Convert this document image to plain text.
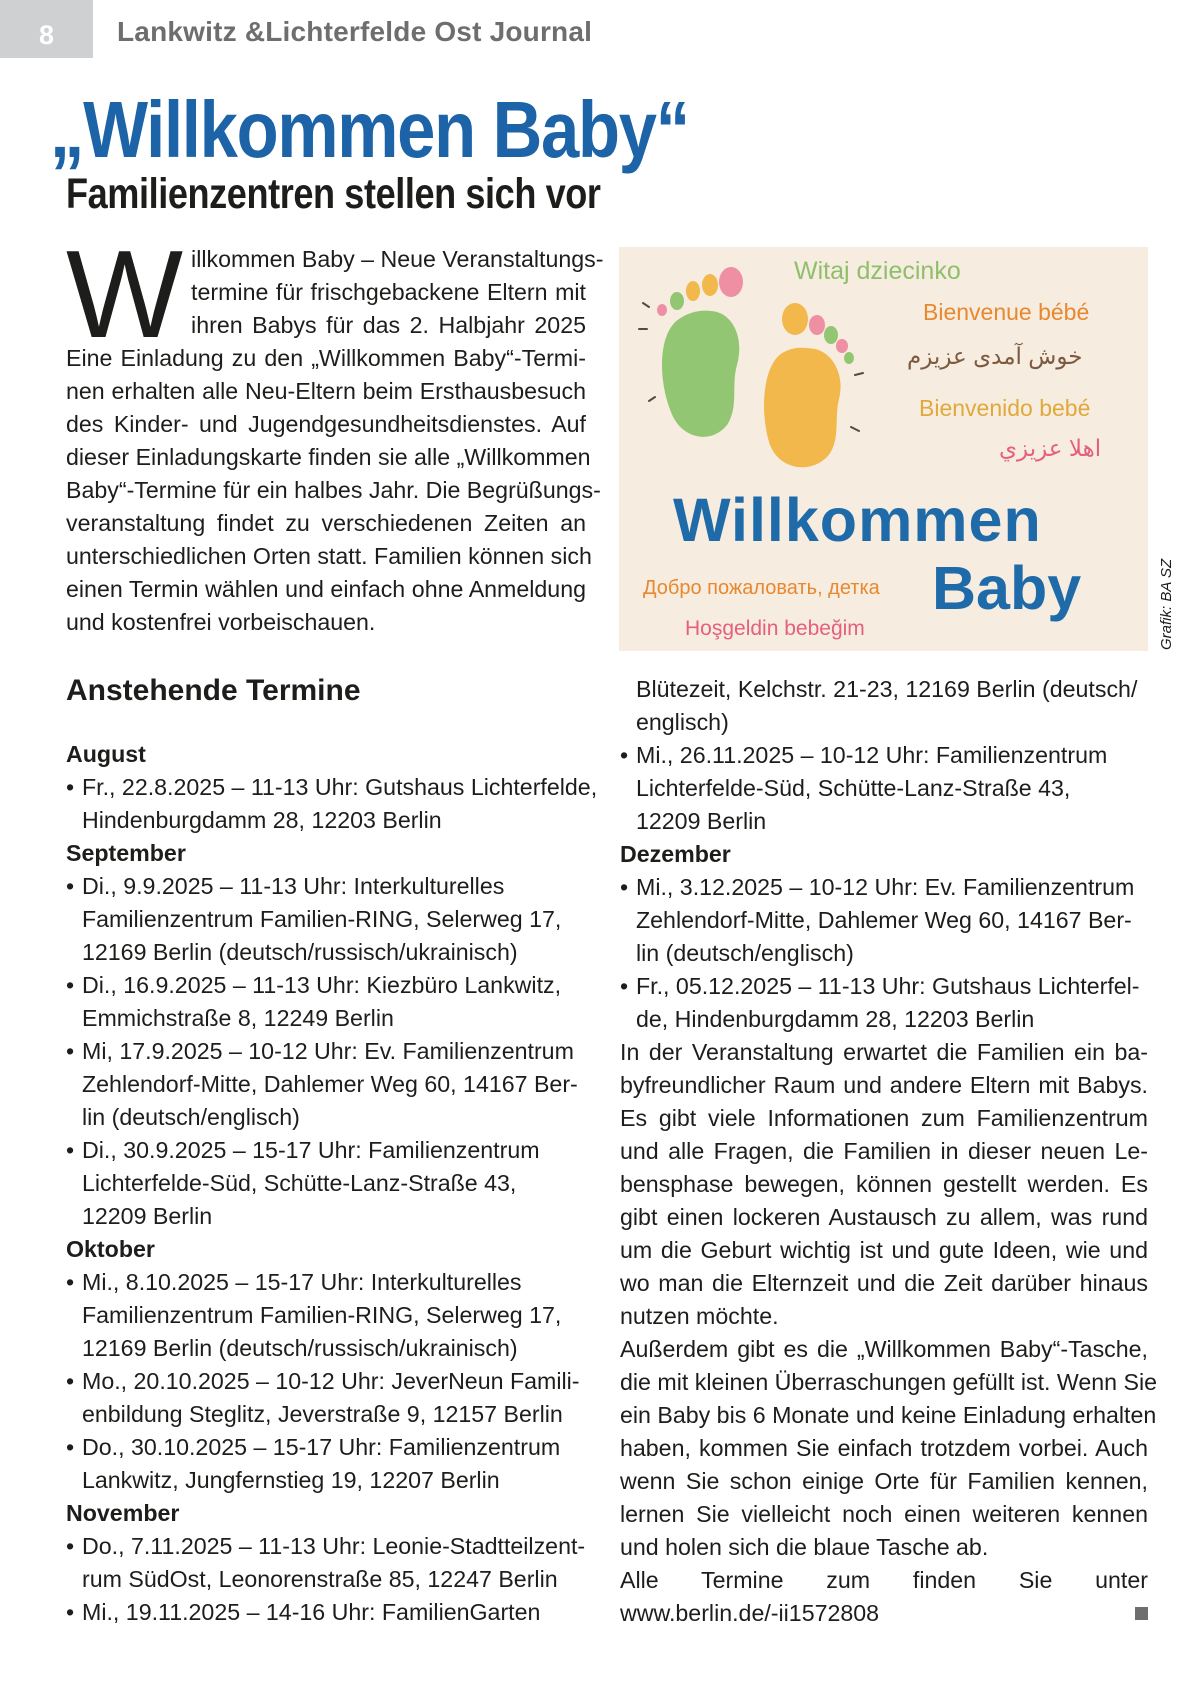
8	Lankwitz &Lichterfelde Ost Journal
„Willkommen Baby“
Familienzentren stellen sich vor
W illkommen Baby – Neue Veranstaltungs-
termine für frischgebackene Eltern mit
ihren Babys für das 2. Halbjahr 2025
Eine Einladung zu den „Willkommen Baby“-Termi-
nen erhalten alle Neu-Eltern beim Ersthausbesuch
des Kinder- und Jugendgesundheitsdienstes. Auf
dieser Einladungskarte finden sie alle „Willkommen
Baby“-Termine für ein halbes Jahr. Die Begrüßungs-
veranstaltung findet zu verschiedenen Zeiten an
unterschiedlichen Orten statt. Familien können sich
einen Termin wählen und einfach ohne Anmeldung
und kostenfrei vorbeischauen.
Witaj dziecinko
Bienvenue bébé
خوش آمدی عزیزم
Bienvenido bebé
اهلا عزيزي
Willkommen
Добро пожаловать, детка Baby
Hoşgeldin bebeğim	Grafik: BA SZ
Anstehende Termine
August
• Fr., 22.8.2025 – 11-13 Uhr: Gutshaus Lichterfelde,
Hindenburgdamm 28, 12203 Berlin
September
• Di., 9.9.2025 – 11-13 Uhr: Interkulturelles
Familienzentrum Familien-RING, Selerweg 17,
12169 Berlin (deutsch/russisch/ukrainisch)
• Di., 16.9.2025 – 11-13 Uhr: Kiezbüro Lankwitz,
Emmichstraße 8, 12249 Berlin
• Mi, 17.9.2025 – 10-12 Uhr: Ev. Familienzentrum
Zehlendorf-Mitte, Dahlemer Weg 60, 14167 Ber-
lin (deutsch/englisch)
• Di., 30.9.2025 – 15-17 Uhr: Familienzentrum
Lichterfelde-Süd, Schütte-Lanz-Straße 43,
12209 Berlin
Oktober
• Mi., 8.10.2025 – 15-17 Uhr: Interkulturelles
Familienzentrum Familien-RING, Selerweg 17,
12169 Berlin (deutsch/russisch/ukrainisch)
• Mo., 20.10.2025 – 10-12 Uhr: JeverNeun Famili-
enbildung Steglitz, Jeverstraße 9, 12157 Berlin
• Do., 30.10.2025 – 15-17 Uhr: Familienzentrum
Lankwitz, Jungfernstieg 19, 12207 Berlin
November
• Do., 7.11.2025 – 11-13 Uhr: Leonie-Stadtteilzent-
rum SüdOst, Leonorenstraße 85, 12247 Berlin
• Mi., 19.11.2025 – 14-16 Uhr: FamilienGarten
Blütezeit, Kelchstr. 21-23, 12169 Berlin (deutsch/
englisch)
• Mi., 26.11.2025 – 10-12 Uhr: Familienzentrum
Lichterfelde-Süd, Schütte-Lanz-Straße 43,
12209 Berlin
Dezember
• Mi., 3.12.2025 – 10-12 Uhr: Ev. Familienzentrum
Zehlendorf-Mitte, Dahlemer Weg 60, 14167 Ber-
lin (deutsch/englisch)
• Fr., 05.12.2025 – 11-13 Uhr: Gutshaus Lichterfel-
de, Hindenburgdamm 28, 12203 Berlin
In der Veranstaltung erwartet die Familien ein ba-
byfreundlicher Raum und andere Eltern mit Babys.
Es gibt viele Informationen zum Familienzentrum
und alle Fragen, die Familien in dieser neuen Le-
bensphase bewegen, können gestellt werden. Es
gibt einen lockeren Austausch zu allem, was rund
um die Geburt wichtig ist und gute Ideen, wie und
wo man die Elternzeit und die Zeit darüber hinaus
nutzen möchte.
Außerdem gibt es die „Willkommen Baby“-Tasche,
die mit kleinen Überraschungen gefüllt ist. Wenn Sie
ein Baby bis 6 Monate und keine Einladung erhalten
haben, kommen Sie einfach trotzdem vorbei. Auch
wenn Sie schon einige Orte für Familien kennen,
lernen Sie vielleicht noch einen weiteren kennen
und holen sich die blaue Tasche ab.
Alle Termine zum finden Sie unter
www.berlin.de/-ii1572808
